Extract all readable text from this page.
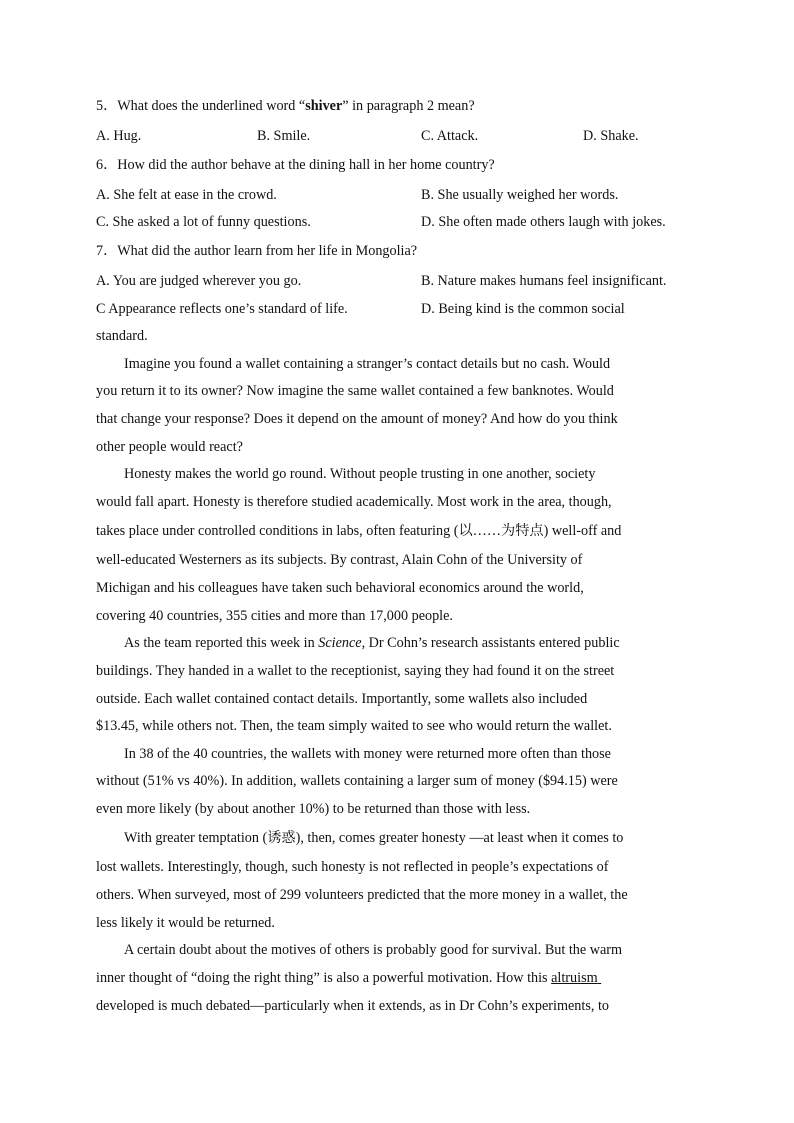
5．What does the underlined word “shiver” in paragraph 2 mean?
A. Hug.	B. Smile.	C. Attack.	D. Shake.
6．How did the author behave at the dining hall in her home country?
A. She felt at ease in the crowd.	B. She usually weighed her words.
C. She asked a lot of funny questions.	D. She often made others laugh with jokes.
7．What did the author learn from her life in Mongolia?
A. You are judged wherever you go.	B. Nature makes humans feel insignificant.
C Appearance reflects one’s standard of life.	D. Being kind is the common social
standard.
Imagine you found a wallet containing a stranger’s contact details but no cash. Would
you return it to its owner? Now imagine the same wallet contained a few banknotes. Would
that change your response? Does it depend on the amount of money? And how do you think
other people would react?
Honesty makes the world go round. Without people trusting in one another, society
would fall apart. Honesty is therefore studied academically. Most work in the area, though,
takes place under controlled conditions in labs, often featuring (以……为特点) well-off and
well-educated Westerners as its subjects. By contrast, Alain Cohn of the University of
Michigan and his colleagues have taken such behavioral economics around the world,
covering 40 countries, 355 cities and more than 17,000 people.
As the team reported this week in Science, Dr Cohn’s research assistants entered public
buildings. They handed in a wallet to the receptionist, saying they had found it on the street
outside. Each wallet contained contact details. Importantly, some wallets also included
$13.45, while others not. Then, the team simply waited to see who would return the wallet.
In 38 of the 40 countries, the wallets with money were returned more often than those
without (51% vs 40%). In addition, wallets containing a larger sum of money ($94.15) were
even more likely (by about another 10%) to be returned than those with less.
With greater temptation (诱惑), then, comes greater honesty —at least when it comes to
lost wallets. Interestingly, though, such honesty is not reflected in people’s expectations of
others. When surveyed, most of 299 volunteers predicted that the more money in a wallet, the
less likely it would be returned.
A certain doubt about the motives of others is probably good for survival. But the warm
inner thought of “doing the right thing” is also a powerful motivation. How this altruism
developed is much debated—particularly when it extends, as in Dr Cohn’s experiments, to
